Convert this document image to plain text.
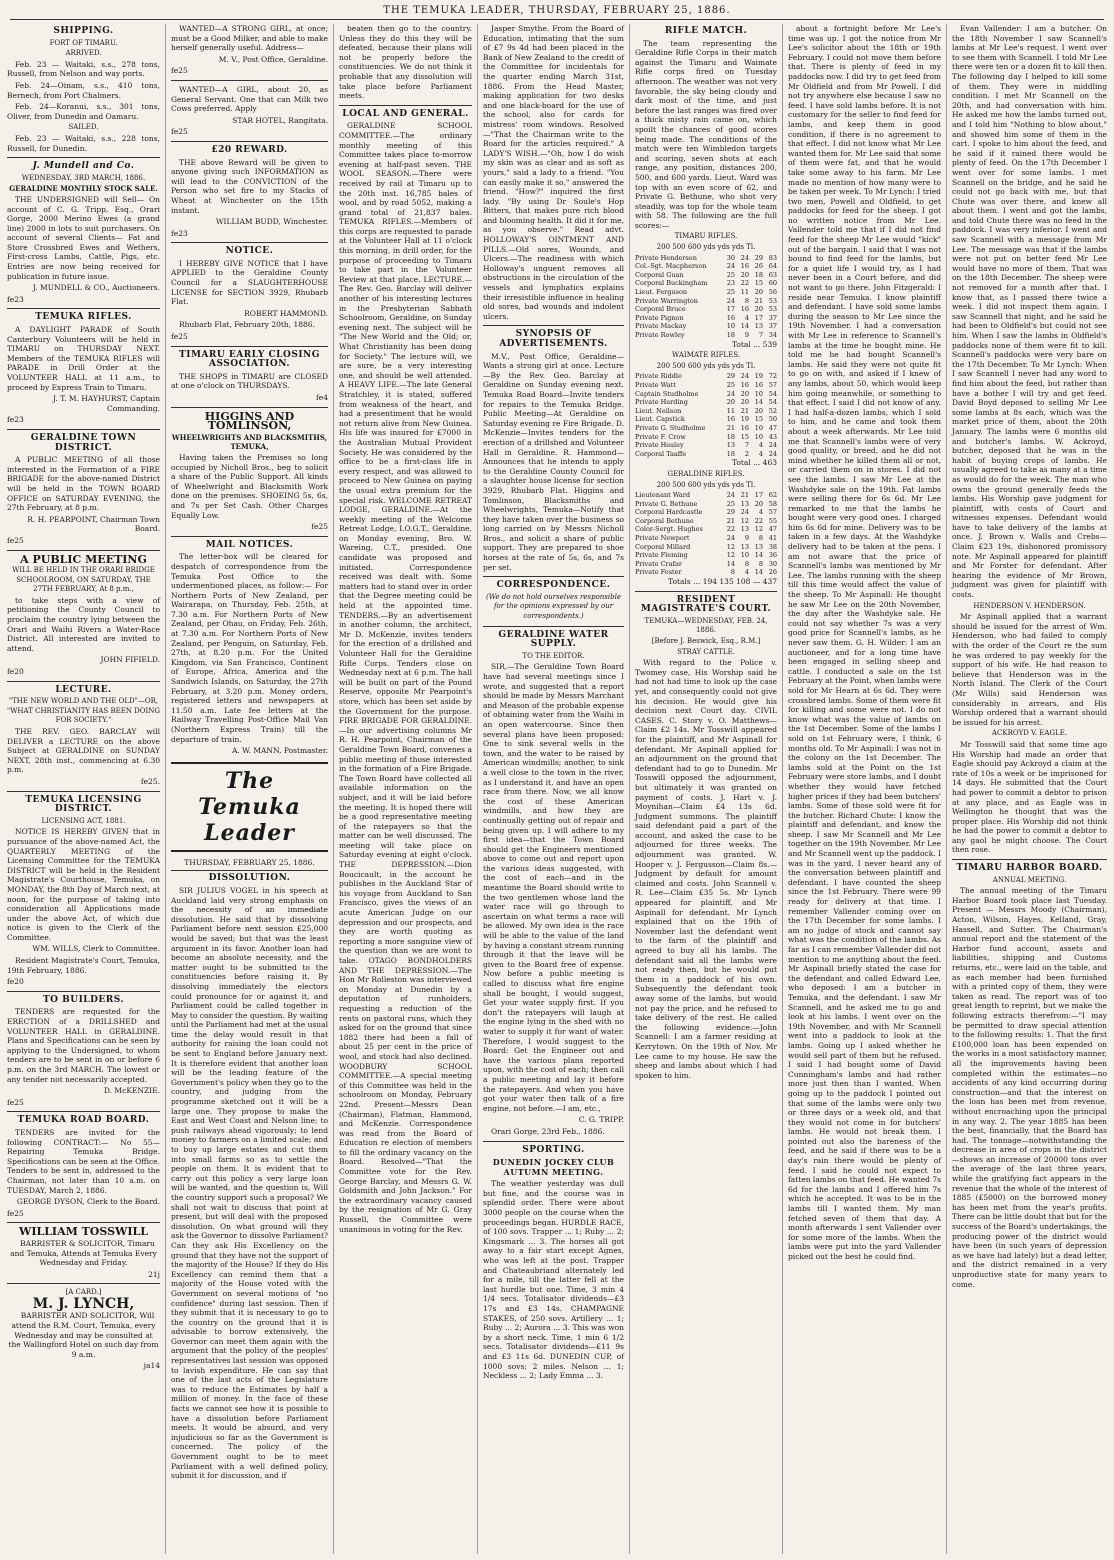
THE TEMUKA LEADER, THURSDAY, FEBRUARY 25, 1886.
SHIPPING.
FORT OF TIMARU.
ARRIVED.
Feb. 23 — Waitaki, s.s., 278 tons, Russell, from Nelson and way ports.
Feb. 24—Oinam, s.s., 410 tons, Bernech, from Port Chalmers.
Feb. 24—Koranui, s.s., 301 tons, Oliver, from Dunedin and Oamaru.
SAILED.
Feb. 23 — Waitaki, s.s., 228 tons, Russell, for Dunedin.
J. Mundell and Co.
WEDNESDAY, 3RD MARCH, 1886.
GERALDINE MONTHLY STOCK SALE.
THE UNDERSIGNED will Sell— On account of C. G. Tripp, Esq., Orari Gorge, 2000 Merino Ewes (a grand line) 2000 in lots to suit purchasers. On account of several Clients— Fat and Store Crossbred Ewes and Wethers, First-cross Lambs, Cattle, Pigs, etc. Entries are now being received for publication in future issue.
J. MUNDELL & CO., Auctioneers.
fe23
TEMUKA RIFLES.
A DAYLIGHT PARADE of South Canterbury Volunteers will be held in TIMARU on THURSDAY NEXT. Members of the TEMUKA RIFLES will PARADE in Drill Order at the VOLUNTEER HALL at 11 a.m., to proceed by Express Train to Timaru.
J. T. M. HAYHURST, Captain Commanding.
fe23
GERALDINE TOWN DISTRICT.
A PUBLIC MEETING of all those interested in the Formation of a FIRE BRIGADE for the above-named District will be held in the TOWN BOARD OFFICE on SATURDAY EVENING, the 27th February, at 8 p.m.
R. H. PEARPOINT, Chairman Town Board.
fe25
A PUBLIC MEETING
WILL BE HELD IN THE ORARI BRIDGE SCHOOLROOM, ON SATURDAY, THE 27TH FEBRUARY, At 8 p.m.,
to take steps with a view of petitioning the County Council to proclaim the country lying between the Orari and Waihi Rivers a Water-Race District. All interested are invited to attend.
JOHN FIFIELD.
fe20
LECTURE.
"THE NEW WORLD AND THE OLD"—OR, "WHAT CHRISTIANITY HAS BEEN DOING FOR SOCIETY."
THE REV. GEO. BARCLAY will DELIVER a LECTURE on the above Subject at GERALDINE on SUNDAY NEXT, 28th inst., commencing at 6.30 p.m.
fe25.
TEMUKA LICENSING DISTRICT.
LICENSING ACT, 1881.
NOTICE IS HEREBY GIVEN that in pursuance of the above-named Act, the QUARTERLY MEETING of the Licensing Committee for the TEMUKA DISTRICT will be held in the Resident Magistrate's Courthouse, Temuka, on MONDAY, the 8th Day of March next, at noon, for the purpose of taking into consideration all Applications made under the above Act, of which due notice is given to the Clerk of the Committee.
WM. WILLS, Clerk to Committee.
Resident Magistrate's Court, Temuka, 19th February, 1886.
fe20
TO BUILDERS.
TENDERS are requested for the ERECTION of a DRILLSHED and VOLUNTEER HALL in GERALDINE. Plans and Specifications can be seen by applying to the Undersigned, to whom tenders are to be sent in on or before 6 p.m. on the 3rd MARCH. The lowest or any tender not necessarily accepted.
D. McKENZIE.
fe25
TEMUKA ROAD BOARD.
TENDERS are invited for the following CONTRACT:— No 55—Repairing Temuka Bridge. Specifications can be seen at the Office. Tenders to be sent in, addressed to the Chairman, not later than 10 a.m. on TUESDAY, March 2, 1886.
GEORGE DYSON, Clerk to the Board.
fe25
WILLIAM TOSSWILL
BARRISTER & SOLICITOR, Timaru and Temuka, Attends at Temuka Every Wednesday and Friday.
21j
[A CARD.]
M. J. LYNCH,
BARRISTER AND SOLICITOR, Will attend the R.M. Court, Temuka, every Wednesday and may be consulted at the Wallingford Hotel on such day from 9 a.m.
ja14
WANTED—A STRONG GIRL, at once; must be a Good Milker, and able to make herself generally useful. Address—
M. V., Post Office, Geraldine.
fe25
WANTED—A GIRL, about 20, as General Servant. One that can Milk two Cows preferred. Apply
STAR HOTEL, Rangitata.
fe25
£20 REWARD.
THE above Reward will be given to anyone giving such INFORMATION as will lead to the CONVICTION of the Person who set fire to my Stacks of Wheat at Winchester on the 15th instant.
WILLIAM BUDD, Winchester.
fe23
NOTICE.
I HEREBY GIVE NOTICE that I have APPLIED to the Geraldine County Council for a SLAUGHTERHOUSE LICENSE for SECTION 3929, Rhubarb Flat.
ROBERT HAMMOND.
Rhubarb Flat, February 20th, 1886.
fe25
TIMARU EARLY CLOSING ASSOCIATION.
THE SHOPS in TIMARU are CLOSED at one o'clock on THURSDAYS.
fe4
HIGGINS AND TOMLINSON,
WHEELWRIGHTS AND BLACKSMITHS, TEMUKA,
Having taken the Premises so long occupied by Nicholl Bros., beg to solicit a share of the Public Support. All kinds of Wheelwright and Blacksmith Work done on the premises. SHOEING 5s, 6s, and 7s per Set Cash. Other Charges Equally Low.
fe25
MAIL NOTICES.
The letter-box will be cleared for despatch of correspondence from the Temuka Post Office to the undermentioned places, as follow:— For Northern Ports of New Zealand, per Wairarapa, on Thursday, Feb. 25th, at 7.30 a.m. For Northern Ports of New Zealand, per Ohau, on Friday, Feb. 26th, at 7.30 a.m. For Northern Ports of New Zealand, per Penguin, on Saturday, Feb. 27th, at 8.20 p.m. For the United Kingdom, via San Francisco, Continent of Europe, Africa, America and the Sandwich Islands, on Saturday, the 27th February, at 3.20 p.m. Money orders, registered letters and newspapers at 11.50 a.m. Late fee letters at the Railway Travelling Post-Office Mail Van (Northern Express Train) till the departure of train.
A. W. MANN, Postmaster.
The Temuka Leader
THURSDAY, FEBRUARY 25, 1886.
DISSOLUTION.
SIR JULIUS VOGEL in his speech at Auckland laid very strong emphasis on the necessity of an immediate dissolution. He said that by dissolving Parliament before next session £25,000 would be saved; but that was the least argument in its favor. Another loan had become an absolute necessity, and the matter ought to be submitted to the constituencies before raising it. By dissolving immediately the electors could pronounce for or against it, and Parliament could be called together in May to consider the question. By waiting until the Parliament had met at the usual time the delay would result in that authority for raising the loan could not be sent to England before January next. It is therefore evident that another loan will be the leading feature of the Government's policy when they go to the country, and judging from the programme sketched out it will be a large one. They propose to make the East and West Coast and Nelson line; to push railways ahead vigorously; to lend money to farmers on a limited scale; and to buy up large estates and cut them into small farms so as to settle the people on them. It is evident that to carry out this policy a very large loan will be wanted, and the question is, Will the country support such a proposal? We shall not wait to discuss that point at present, but will deal with the proposed dissolution. On what ground will they ask the Governor to dissolve Parliament? Can they ask His Excellency on the ground that they have not the support of the majority of the House? If they do His Excellency can remind them that a majority of the House voted with the Government on several motions of "no confidence" during last session. Then if they submit that it is necessary to go to the country on the ground that it is advisable to borrow extensively, the Governor can meet them again with the argument that the policy of the peoples' representatives last session was opposed to lavish expenditure. He can say that one of the last acts of the Legislature was to reduce the Estimates by half a million of money. In the face of these facts we cannot see how it is possible to have a dissolution before Parliament meets. It would be absurd, and very injudicious so far as the Government is concerned. The policy of the Government ought to be to meet Parliament with a well defined policy, submit it for discussion, and if
beaten then go to the country. Unless they do this they will be defeated, because their plans will not be properly before the constituencies. We do not think it probable that any dissolution will take place before Parliament meets.
LOCAL AND GENERAL.
GERALDINE SCHOOL COMMITTEE.—The ordinary monthly meeting of this Committee takes place to-morrow evening at half-past seven. THE WOOL SEASON.—There were received by rail at Timaru up to the 20th inst. 16,785 bales of wool, and by road 5052, making a grand total of 21,837 bales. TEMUKA RIFLES.—Members of this corps are requested to parade at the Volunteer Hall at 11 o'clock this morning, in drill order, for the purpose of proceeding to Timaru to take part in the Volunteer Review at that place. LECTURE.—The Rev. Geo. Barclay will deliver another of his interesting lectures in the Presbyterian Sabbath Schoolroom, Geraldine, on Sunday evening next. The subject will be "The New World and the Old; or, What Christianity has been doing for Society." The lecture will, we are sure, be a very interesting one, and should be well attended. A HEAVY LIFE.—The late General Stratchley, it is stated, suffered from weakness of the heart, and had a presentiment that he would not return alive from New Guinea. His life was insured for £7000 in the Australian Mutual Provident Society. He was considered by the office to be a first-class life in every respect, and was allowed to proceed to New Guinea on paying the usual extra premium for the special risk. WELCOME RETREAT LODGE, GERALDINE.—At the weekly meeting of the Welcome Retreat Lodge, I.O.G.T., Geraldine, on Monday evening, Bro. W. Wareing, C.T., presided. One candidate was proposed and initiated. Correspondence received was dealt with. Some matters had to stand over in order that the Degree meeting could be held at the appointed time. TENDERS.—By an advertisement in another column, the architect, Mr D. McKenzie, invites tenders for the erection of a drillshed and Volunteer Hall for the Geraldine Rifle Corps. Tenders close on Wednesday next at 6 p.m. The hall will be built on part of the Pound Reserve, opposite Mr Pearpoint's store, which has been set aside by the Government for the purpose. FIRE BRIGADE FOR GERALDINE.—In our advertising columns Mr R. H. Pearpoint, Chairman of the Geraldine Town Board, convenes a public meeting of those interested in the formation of a Fire Brigade. The Town Board have collected all available information on the subject, and it will be laid before the meeting. It is hoped there will be a good representative meeting of the ratepayers so that the matter can be well discussed. The meeting will take place on Saturday evening at eight o'clock. THE DEPRESSION.—Dion Boucicault, in the account he publishes in the Auckland Star of his voyage from Auckland to San Francisco, gives the views of an acute American Judge on our depression and our prospects, and they are worth quoting as reporting a more sanguine view of the question than we are wont to take. OTAGO BONDHOLDERS AND THE DEPRESSION.—The Hon Mr Rolleston was interviewed on Monday at Dunedin by a deputation of runholders, requesting a reduction of the rents on pastoral runs, which they asked for on the ground that since 1882 there had been a fall of about 25 per cent in the price of wool, and stock had also declined. WOODBURY SCHOOL COMMITTEE.—A special meeting of this Committee was held in the schoolroom on Monday, February 22nd. Present—Messrs Dean (Chairman), Flatman, Hammond, and McKenzie. Correspondence was read from the Board of Education re election of members to fill the ordinary vacancy on the Board. Resolved—"That the Committee vote for the Rev. George Barclay, and Messrs G. W. Goldsmith and John Jackson." For the extraordinary vacancy caused by the resignation of Mr G. Gray Russell, the Committee were unanimous in voting for the Rev.
Jasper Smythe. From the Board of Education, intimating that the sum of £7 9s 4d had been placed in the Bank of New Zealand to the credit of the Committee for incidentals for the quarter ending March 31st, 1886. From the Head Master, making application for two desks and one black-board for the use of the school, also for cards for mistress' room windows. Resolved—"That the Chairman write to the Board for the articles required." A LADY'S WISH.—"Oh, how I do wish my skin was as clear and as soft as yours," said a lady to a friend. "You can easily make it so," answered the friend. "How?" inquired the first lady. "By using Dr Soule's Hop Bitters, that makes pure rich blood and blooming health. It did it for me, as you observe." Read advt. HOLLOWAY'S OINTMENT AND PILLS.—Old sores, Wounds, and Ulcers.—The readiness with which Holloway's unguent removes all obstructions in the circulation of the vessels and lymphatics explains their irresistible influence in healing old sores, bad wounds and indolent ulcers.
SYNOPSIS OF ADVERTISEMENTS.
M.V., Post Office, Geraldine—Wants a strong girl at once. Lecture—By the Rev. Geo. Barclay at Geraldine on Sunday evening next. Temuka Road Board—Invite tenders for repairs to the Temuka Bridge. Public Meeting—At Geraldine on Saturday evening re Fire Brigade. D. McKenzie—Invites tenders for the erection of a drillshed and Volunteer Hall in Geraldine. R. Hammond—Announces that he intends to apply to the Geraldine County Council for a slaughter house license for section 3929, Rhubarb Flat. Higgins and Tomlinson, Blacksmiths and Wheelwrights, Temuka—Notify that they have taken over the business so long carried on by Messrs Nicholl Bros., and solicit a share of public support. They are prepared to shoe horses at the rate of 5s, 6s, and 7s per set.
CORRESPONDENCE.
(We do not hold ourselves responsible for the opinions expressed by our correspondents.)
GERALDINE WATER SUPPLY.
TO THE EDITOR.
SIR,—The Geraldine Town Board have had several meetings since I wrote, and suggested that a report should be made by Messrs Marchant and Meason of the probable expense of obtaining water from the Waihi in an open watercourse. Since then several plans have been proposed: One to sink several wells in the town, and the water to be raised by American windmills; another, to sink a well close to the town in the river, as I understand it, and have an open race from there. Now, we all know the cost of these American windmills, and how they are continually getting out of repair and being given up. I will adhere to my first idea—that the Town Board should get the Engineers mentioned above to come out and report upon the various ideas suggested, with the cost of each—and in the meantime the Board should write to the two gentlemen whose land the water race will go through to ascertain on what terms a race will be allowed. My own idea is the race will be able to the value of the land by having a constant stream running through it that the leave will be given to the Board free of expense. Now before a public meeting is called to discuss what fire engine shall be bought, I would suggest, Get your water supply first. If you don't the ratepayers will laugh at the engine lying in the shed with no water to supply it for want of water. Therefore, I would suggest to the Board: Get the Engineer out and have the various plans reported upon, with the cost of each; then call a public meeting and lay it before the ratepayers. And when you have got your water then talk of a fire engine, not before.—I am, etc.,
C. G. TRIPP.
Orari Gorge, 23rd Feb., 1886.
SPORTING.
DUNEDIN JOCKEY CLUB AUTUMN MEETING.
The weather yesterday was dull but fine, and the course was in splendid order. There were about 3000 people on the course when the proceedings began. HURDLE RACE, of 100 sovs. Trapper ... 1; Ruby ... 2; Kingsmark ... 3. The horses all got away to a fair start except Agnes, who was left at the post. Trapper and Chateaubriand alternately led for a mile, till the latter fell at the last hurdle but one. Time, 3 min 4 1/4 secs. Totalisator dividends—£3 17s and £3 14s. CHAMPAGNE STAKES, of 250 sovs. Artillery ... 1; Ruby ... 2; Aurora ... 3. This was won by a short neck. Time, 1 min 6 1/2 secs. Totalisator dividends—£11 9s and £3 11s 6d. DUNEDIN CUP, of 1000 sovs; 2 miles. Nelson ... 1; Neckless ... 2; Lady Emma ... 3.
RIFLE MATCH.
The team representing the Geraldine Rifle Corps in their match against the Timaru and Waimate Rifle corps fired on Tuesday afternoon. The weather was not very favorable, the sky being cloudy and dark most of the time, and just before the last ranges was fired over a thick misty rain came on, which spoilt the chances of good scores being made. The conditions of the match were ten Wimbledon targets and scoring, seven shots at each range, any position, distances 200, 500, and 600 yards. Lieut. Ward was top with an even score of 62, and Private G. Bethune, who shot very steadily, was top for the whole team with 58. The following are the full scores:—
TIMARU RIFLES.
200 500 600 yds yds yds Tl.
Private Henderson	30	24	29	83
Col.-Sgt. Macpherson	24	16	26	64
Corporal Guan	25	20	18	63
Corporal Buckingham	23	22	15	60
Lieut. Ferguson	25	11	20	56
Private Warrington	24	8	21	53
Corporal Bruce	17	16	20	53
Private Pignon	16	4	17	37
Private Mackay	10	14	13	37
Private Rowley	18	9	7	34
Total ... 539
WAIMATE RIFLES.
200 500 600 yds yds yds Tl.
Private Riddle	29	24	19	72
Private Watt	25	16	16	57
Captain Studholme	24	20	10	54
Private Harding	20	20	14	54
Lieut. Neilson	11	21	20	52
Lieut. Capstick	16	19	15	50
Private G. Studholme	21	16	10	47
Private F. Crow	18	15	10	43
Private Healey	13	7	4	24
Corporal Taaffe	18	2	4	24
Total ... 463
GERALDINE RIFLES.
200 500 600 yds yds yds Tl.
Lieutenant Ward	24	21	17	62
Private G. Bethune	25	13	20	58
Corporal Hardcastle	29	24	4	57
Corporal Bethune	21	12	22	55
Color-Sergt. Hughes	22	13	12	47
Private Newport	24	9	8	41
Corporal Millard	12	13	13	38
Private Fleming	12	10	14	36
Private Crafar	14	8	8	30
Private Foster	8	4	14	26
Totals ... 194 135 108 — 437
RESIDENT MAGISTRATE'S COURT.
TEMUKA—WEDNESDAY, FEB. 24, 1886.
[Before J. Beswick, Esq., R.M.]
STRAY CATTLE.
With regard to the Police v. Twomey case, His Worship said he had not had time to look up the case yet, and consequently could not give his decision. He would give his decision next Court day. CIVIL CASES. C. Story v. O. Matthews—Claim £2 14s. Mr Tosswill appeared for the plaintiff, and Mr Aspinall for defendant. Mr Aspinall applied for an adjournment on the ground that defendant had to go to Dunedin. Mr Tosswill opposed the adjournment, but ultimately it was granted on payment of costs. J. Hart v. J. Moynihan—Claim £4 13s 6d. Judgment summons. The plaintiff said defendant paid a part of the account, and asked the case to be adjourned for three weeks. The adjournment was granted. W. Hooper v. J. Fergusson—Claim 8s.—Judgment by default for amount claimed and costs. John Scannell v. R. Lee—Claim £35 5s. Mr Lynch appeared for plaintiff, and Mr Aspinall for defendant. Mr Lynch explained that on the 19th of November last the defendant went to the farm of the plaintiff and agreed to buy all his lambs. The defendant said all the lambs were not ready then, but he would put them in a paddock of his own. Subsequently the defendant took away some of the lambs, but would not pay the price, and he refused to take delivery of the rest. He called the following evidence:—John Scannell: I am a farmer residing at Kerrytown. On the 19th of Nov. Mr Lee came to my house. He saw the sheep and lambs about which I had spoken to him.
about a fortnight before Mr Lee's time was up. I got the notice from Mr Lee's solicitor about the 18th or 19th February. I could not move them before that. There is plenty of feed in my paddocks now. I did try to get feed from Mr Oldfield and from Mr Powell. I did not try anywhere else because I saw no feed. I have sold lambs before. It is not customary for the seller to find feed for lambs, and keep them in good condition, if there is no agreement to that effect. I did not know what Mr Lee wanted them for. Mr Lee said that some of them were fat, and that he would take some away to his farm. Mr Lee made no mention of how many were to be taken per week. To Mr Lynch: I tried two men, Powell and Oldfield, to get paddocks for feed for the sheep. I got no written notice from Mr Lee. Vallender told me that if I did not find feed for the sheep Mr Lee would "kick" out of the bargain. I said that I was not bound to find feed for the lambs, but for a quiet life I would try, as I had never been in a Court before, and did not want to go there. John Fitzgerald: I reside near Temuka. I know plaintiff and defendant. I have sold some lambs during the season to Mr Lee since the 19th November. I had a conversation with Mr Lee in reference to Scannell's lambs at the time he bought mine. He told me he had bought Scannell's lambs. He said they were not quite fit to go on with, and asked if I knew of any lambs, about 50, which would keep him going meanwhile, or something to that effect. I said I did not know of any. I had half-a-dozen lambs, which I sold to him, and he came and took them about a week afterwards. Mr Lee told me that Scannell's lambs were of very good quality, or breed, and he did not mind whether he killed them all or not, or carried them on in stores. I did not see the lambs. I saw Mr Lee at the Washdyke sale on the 19th. Fat lambs were selling there for 6s 6d. Mr Lee remarked to me that the lambs he bought were very good ones. I charged him 6s 6d for mine. Delivery was to be taken in a few days. At the Washdyke delivery had to be taken at the pens. I am not aware that the price of Scannell's lambs was mentioned by Mr Lee. The lambs running with the sheep till this time would affect the value of the sheep. To Mr Aspinall: He thought he saw Mr Lee on the 20th November, the day after the Washdyke sale. He could not say whether 7s was a very good price for Scannell's lambs, as he never saw them. G. H. Wilder: I am an auctioneer, and for a long time have been engaged in selling sheep and cattle. I conducted a sale on the 1st February at the Point, when lambs were sold for Mr Hearn at 6s 6d. They were crossbred lambs. Some of them were fit for killing and some were not. I do not know what was the value of lambs on the 1st December. Some of the lambs I sold on 1st February were, I think, 6 months old. To Mr Aspinall: I was not in the colony on the 1st December. The lambs sold at the Point on the 1st February were store lambs, and I doubt whether they would have fetched higher prices if they had been butchers' lambs. Some of those sold were fit for the butcher. Richard Chute: I know the plaintiff and defendant, and know the sheep. I saw Mr Scannell and Mr Lee together on the 19th November. Mr Lee and Mr Scannell went up the paddock. I was in the yard. I never heard any of the conversation between plaintiff and defendant. I have counted the sheep since the 1st February. There were 99 ready for delivery at that time. I remember Vallender coming over on the 17th December for some lambs. I am no judge of stock and cannot say what was the condition of the lambs. As far as I can remember Vallender did not mention to me anything about the feed. Mr Aspinall briefly stated the case for the defendant and called Edward Lee, who deposed: I am a butcher in Temuka, and the defendant. I saw Mr Scannell, and he asked me to go and look at his lambs. I went over on the 19th November, and with Mr Scannell went into a paddock to look at the lambs. Going up I asked whether he would sell part of them but he refused. I said I had bought some of David Cunningham's lambs and had rather more just then than I wanted. When going up to the paddock I pointed out that some of the lambs were only two or three days or a week old, and that they would not come in for butchers' lambs. He would not break them. I pointed out also the bareness of the feed, and he said if there was to be a day's rain there would be plenty of feed. I said he could not expect to fatten lambs on that feed. He wanted 7s 6d for the lambs and I offered him 7s which he accepted. It was to be in the lambs till I wanted them. My man fetched seven of them that day. A month afterwards I sent Vallender over for some more of the lambs. When the lambs were put into the yard Vallender picked out the best he could find.
Evan Vallender: I am a butcher. On the 18th November I saw Scannell's lambs at Mr Lee's request. I went over to see them with Scannell. I told Mr Lee there were ten or a dozen fit to kill then. The following day I helped to kill some of them. They were in middling condition. I met Mr Scannell on the 20th, and had conversation with him. He asked me how the lambs turned out, and I told him "Nothing to blow about," and showed him some of them in the cart. I spoke to him about the feed, and he said if it rained there would be plenty of feed. On the 17th December I went over for some lambs. I met Scannell on the bridge, and he said he could not go back with me, but that Chute was over there, and knew all about them. I went and got the lambs, and told Chute there was no feed in the paddock. I was very inferior. I went and saw Scannell with a message from Mr Lee. The message was that if the lambs were not put on better feed Mr Lee would have no more of them. That was on the 18th December. The sheep were not removed for a month after that. I know that, as I passed there twice a week. I did not inspect them again. I saw Scannell that night, and he said he had been to Oldfield's but could not see him. When I saw the lambs in Oldfield's paddocks none of them were fit to kill. Scannell's paddocks were very bare on the 17th December. To Mr Lynch: When I saw Scannell I never had any word to find him about the feed, but rather than have a bother I will try and get feed. David Boyd deposed to selling Mr Lee some lambs at 8s each, which was the market price of them, about the 20th January. The lambs were 6 months old and butcher's lambs. W. Ackroyd, butcher, deposed that he was in the habit of buying crops of lambs. He usually agreed to take as many at a time as would do for the week. The man who owns the ground generally feeds the lambs. His Worship gave judgment for plaintiff, with costs of Court and witnesses expenses. Defendant would have to take delivery of the lambs at once. J. Brown v. Walls and Crebs—Claim £23 19s, dishonored promissory note. Mr Aspinall appeared for plaintiff and Mr Forster for defendant. After hearing the evidence of Mr Brown, judgment was given for plaintiff with costs.
HENDERSON V. HENDERSON.
Mr Aspinall applied that a warrant should be issued for the arrest of Wm. Henderson, who had failed to comply with the order of the Court re the sum he was ordered to pay weekly for the support of his wife. He had reason to believe that Henderson was in the North Island. The Clerk of the Court (Mr Wills) said Henderson was considerably in arrears, and His Worship ordered that a warrant should be issued for his arrest.
ACKROYD V. EAGLE.
Mr Tosswill said that some time ago His Worship had made an order that Eagle should pay Ackroyd a claim at the rate of 10s a week or be imprisoned for 14 days. He submitted that the Court had power to commit a debtor to prison at any place, and as Eagle was in Wellington he thought that was the proper place. His Worship did not think he had the power to commit a debtor to any gaol he might choose. The Court then rose.
TIMARU HARBOR BOARD.
ANNUAL MEETING.
The annual meeting of the Timaru Harbor Board took place last Tuesday. Present — Messrs Moody (Chairman), Acton, Wilson, Hayes, Kelland, Gray, Hassell, and Sutter. The Chairman's annual report and the statement of the Harbor fund account, assets and liabilities, shipping and Customs returns, etc., were laid on the table, and as each member had been furnished with a printed copy of them, they were taken as read. The report was of too great length to reprint, but we make the following extracts therefrom:—"I may be permitted to draw special attention to the following results: 1. That the first £100,000 loan has been expended on the works in a most satisfactory manner, all the improvements having been completed within the estimates—no accidents of any kind occurring during construction—and that the interest on the loan has been met from revenue, without encroaching upon the principal in any way. 2. The year 1885 has been the best, financially, that the Board has had. The tonnage—notwithstanding the decrease in area of crops in the district—shows an increase of 20000 tons over the average of the last three years, while the gratifying fact appears in the revenue that the whole of the interest of 1885 (£5000) on the borrowed money has been met from the year's profits. There can be little doubt that but for the success of the Board's undertakings, the producing power of the district would have been (in such years of depression as we have had lately) but a dead letter, and the district remained in a very unproductive state for many years to come.
